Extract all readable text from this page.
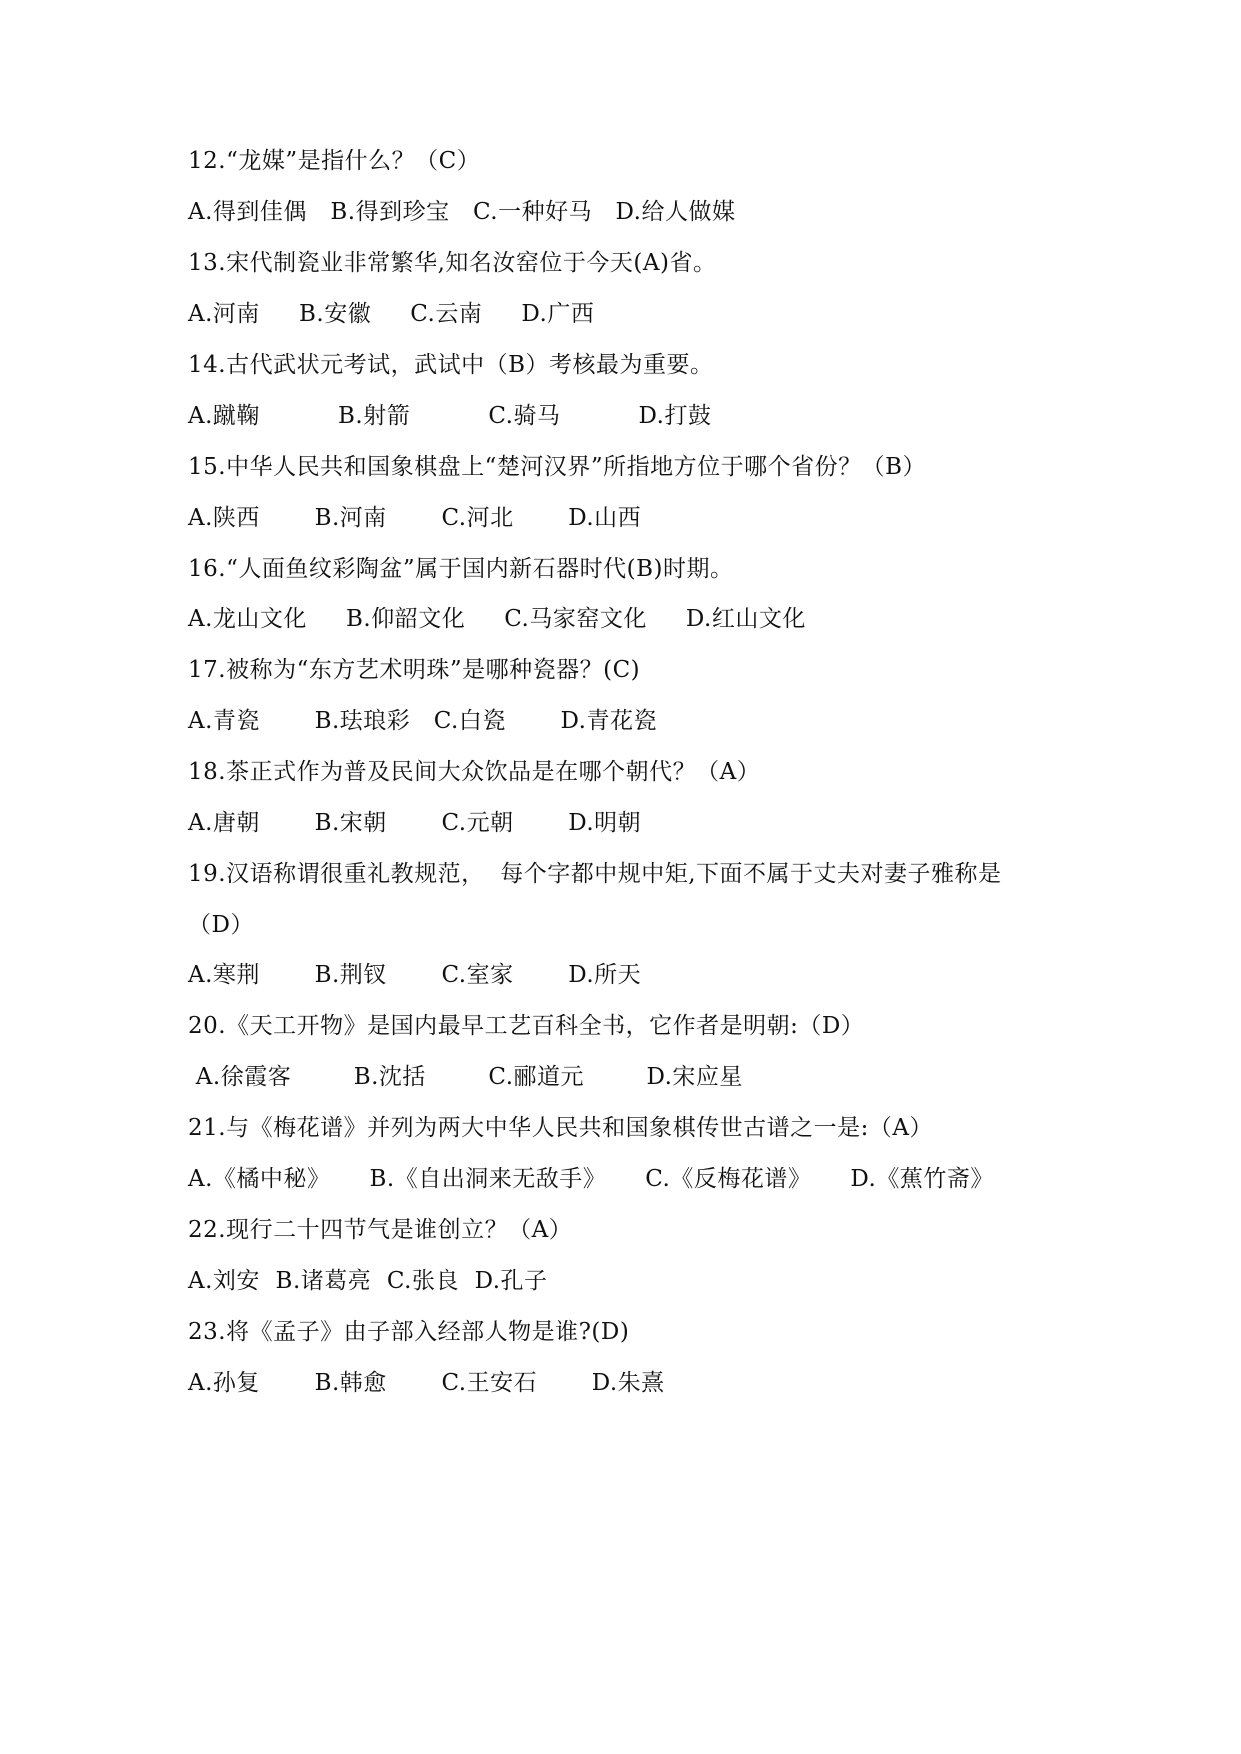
12.“龙媒”是指什么？（C）
A.得到佳偶   B.得到珍宝   C.一种好马   D.给人做媒
13.宋代制瓷业非常繁华,知名汝窑位于今天(A)省。
A.河南     B.安徽     C.云南     D.广西
14.古代武状元考试，武试中（B）考核最为重要。
A.蹴鞠          B.射箭          C.骑马          D.打鼓
15.中华人民共和国象棋盘上“楚河汉界”所指地方位于哪个省份？（B）
A.陕西       B.河南       C.河北       D.山西
16.“人面鱼纹彩陶盆”属于国内新石器时代(B)时期。
A.龙山文化     B.仰韶文化     C.马家窑文化     D.红山文化
17.被称为“东方艺术明珠”是哪种瓷器？(C)
A.青瓷       B.珐琅彩   C.白瓷       D.青花瓷
18.茶正式作为普及民间大众饮品是在哪个朝代？（A）
A.唐朝       B.宋朝       C.元朝       D.明朝
19.汉语称谓很重礼教规范，  每个字都中规中矩,下面不属于丈夫对妻子雅称是
（D）
A.寒荆       B.荆钗       C.室家       D.所天
20.《天工开物》是国内最早工艺百科全书，它作者是明朝:（D）
A.徐霞客        B.沈括        C.郦道元        D.宋应星
21.与《梅花谱》并列为两大中华人民共和国象棋传世古谱之一是:（A）
A.《橘中秘》     B.《自出洞来无敌手》     C.《反梅花谱》     D.《蕉竹斋》
22.现行二十四节气是谁创立？（A）
A.刘安  B.诸葛亮  C.张良  D.孔子
23.将《孟子》由子部入经部人物是谁?(D)
A.孙复       B.韩愈       C.王安石       D.朱熹
